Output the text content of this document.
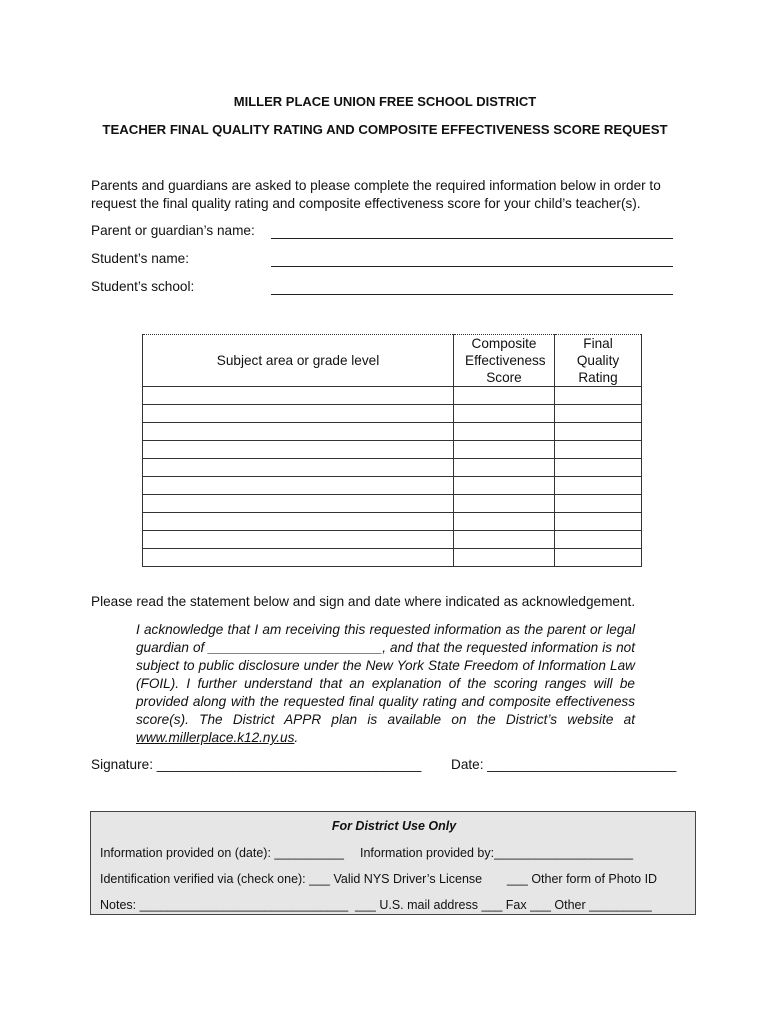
MILLER PLACE UNION FREE SCHOOL DISTRICT
TEACHER FINAL QUALITY RATING AND COMPOSITE EFFECTIVENESS SCORE REQUEST
Parents and guardians are asked to please complete the required information below in order to request the final quality rating and composite effectiveness score for your child’s teacher(s).
Parent or guardian’s name:
Student’s name:
Student’s school:
Subject area or grade level	Composite Effectiveness Score	Final Quality Rating

Please read the statement below and sign and date where indicated as acknowledgement.
I acknowledge that I am receiving this requested information as the parent or legal guardian of _______________________, and that the requested information is not subject to public disclosure under the New York State Freedom of Information Law (FOIL). I further understand that an explanation of the scoring ranges will be provided along with the requested final quality rating and composite effectiveness score(s). The District APPR plan is available on the District’s website at www.millerplace.k12.ny.us.
Signature: ___________________________________ Date: _________________________
For District Use Only
Information provided on (date): __________ Information provided by:____________________
Identification verified via (check one): ___ Valid NYS Driver’s License ___ Other form of Photo ID
Notes: ______________________________ ___ U.S. mail address ___ Fax ___ Other _________
